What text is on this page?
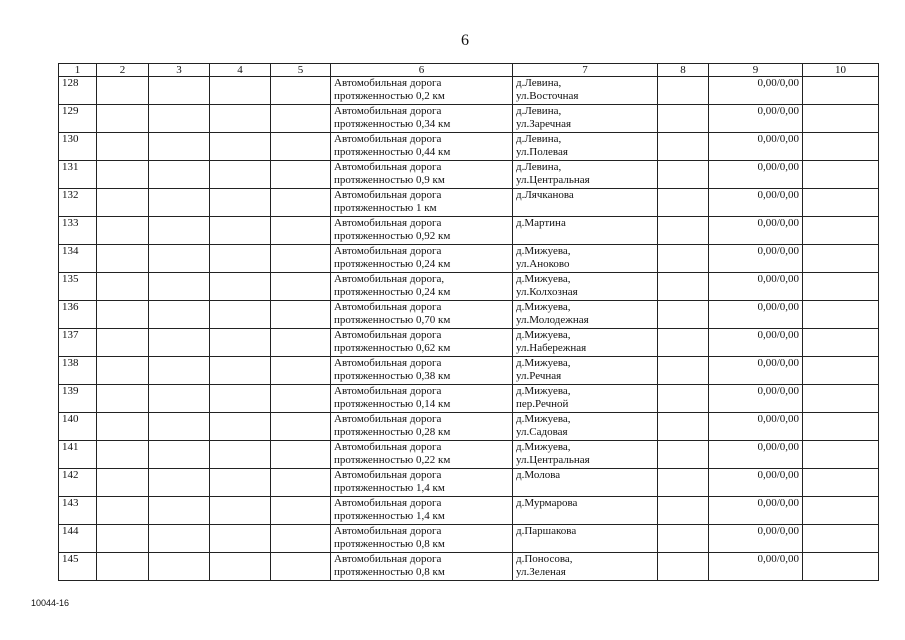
6
1	2	3	4	5	6	7	8	9	10

128					Автомобильная дорога
протяженностью 0,2 км	д.Левина,
ул.Восточная		0,00/0,00	

129					Автомобильная дорога
протяженностью 0,34 км	д.Левина,
ул.Заречная		0,00/0,00	

130					Автомобильная дорога
протяженностью 0,44 км	д.Левина,
ул.Полевая		0,00/0,00	

131					Автомобильная дорога
протяженностью 0,9 км	д.Левина,
ул.Центральная		0,00/0,00	

132					Автомобильная дорога
протяженностью 1 км	д.Лячканова		0,00/0,00	

133					Автомобильная дорога
протяженностью 0,92 км	д.Мартина		0,00/0,00	

134					Автомобильная дорога
протяженностью 0,24 км	д.Мижуева,
ул.Аноково		0,00/0,00	

135					Автомобильная дорога,
протяженностью 0,24 км	д.Мижуева,
ул.Колхозная		0,00/0,00	

136					Автомобильная дорога
протяженностью 0,70 км	д.Мижуева,
ул.Молодежная		0,00/0,00	

137					Автомобильная дорога
протяженностью 0,62 км	д.Мижуева,
ул.Набережная		0,00/0,00	

138					Автомобильная дорога
протяженностью 0,38 км	д.Мижуева,
ул.Речная		0,00/0,00	

139					Автомобильная дорога
протяженностью 0,14 км	д.Мижуева,
пер.Речной		0,00/0,00	

140					Автомобильная дорога
протяженностью 0,28 км	д.Мижуева,
ул.Садовая		0,00/0,00	

141					Автомобильная дорога
протяженностью 0,22 км	д.Мижуева,
ул.Центральная		0,00/0,00	

142					Автомобильная дорога
протяженностью 1,4 км	д.Молова		0,00/0,00	

143					Автомобильная дорога
протяженностью 1,4 км	д.Мурмарова		0,00/0,00	

144					Автомобильная дорога
протяженностью 0,8 км	д.Паршакова		0,00/0,00	

145					Автомобильная дорога
протяженностью 0,8 км	д.Поносова,
ул.Зеленая		0,00/0,00	

10044-16
